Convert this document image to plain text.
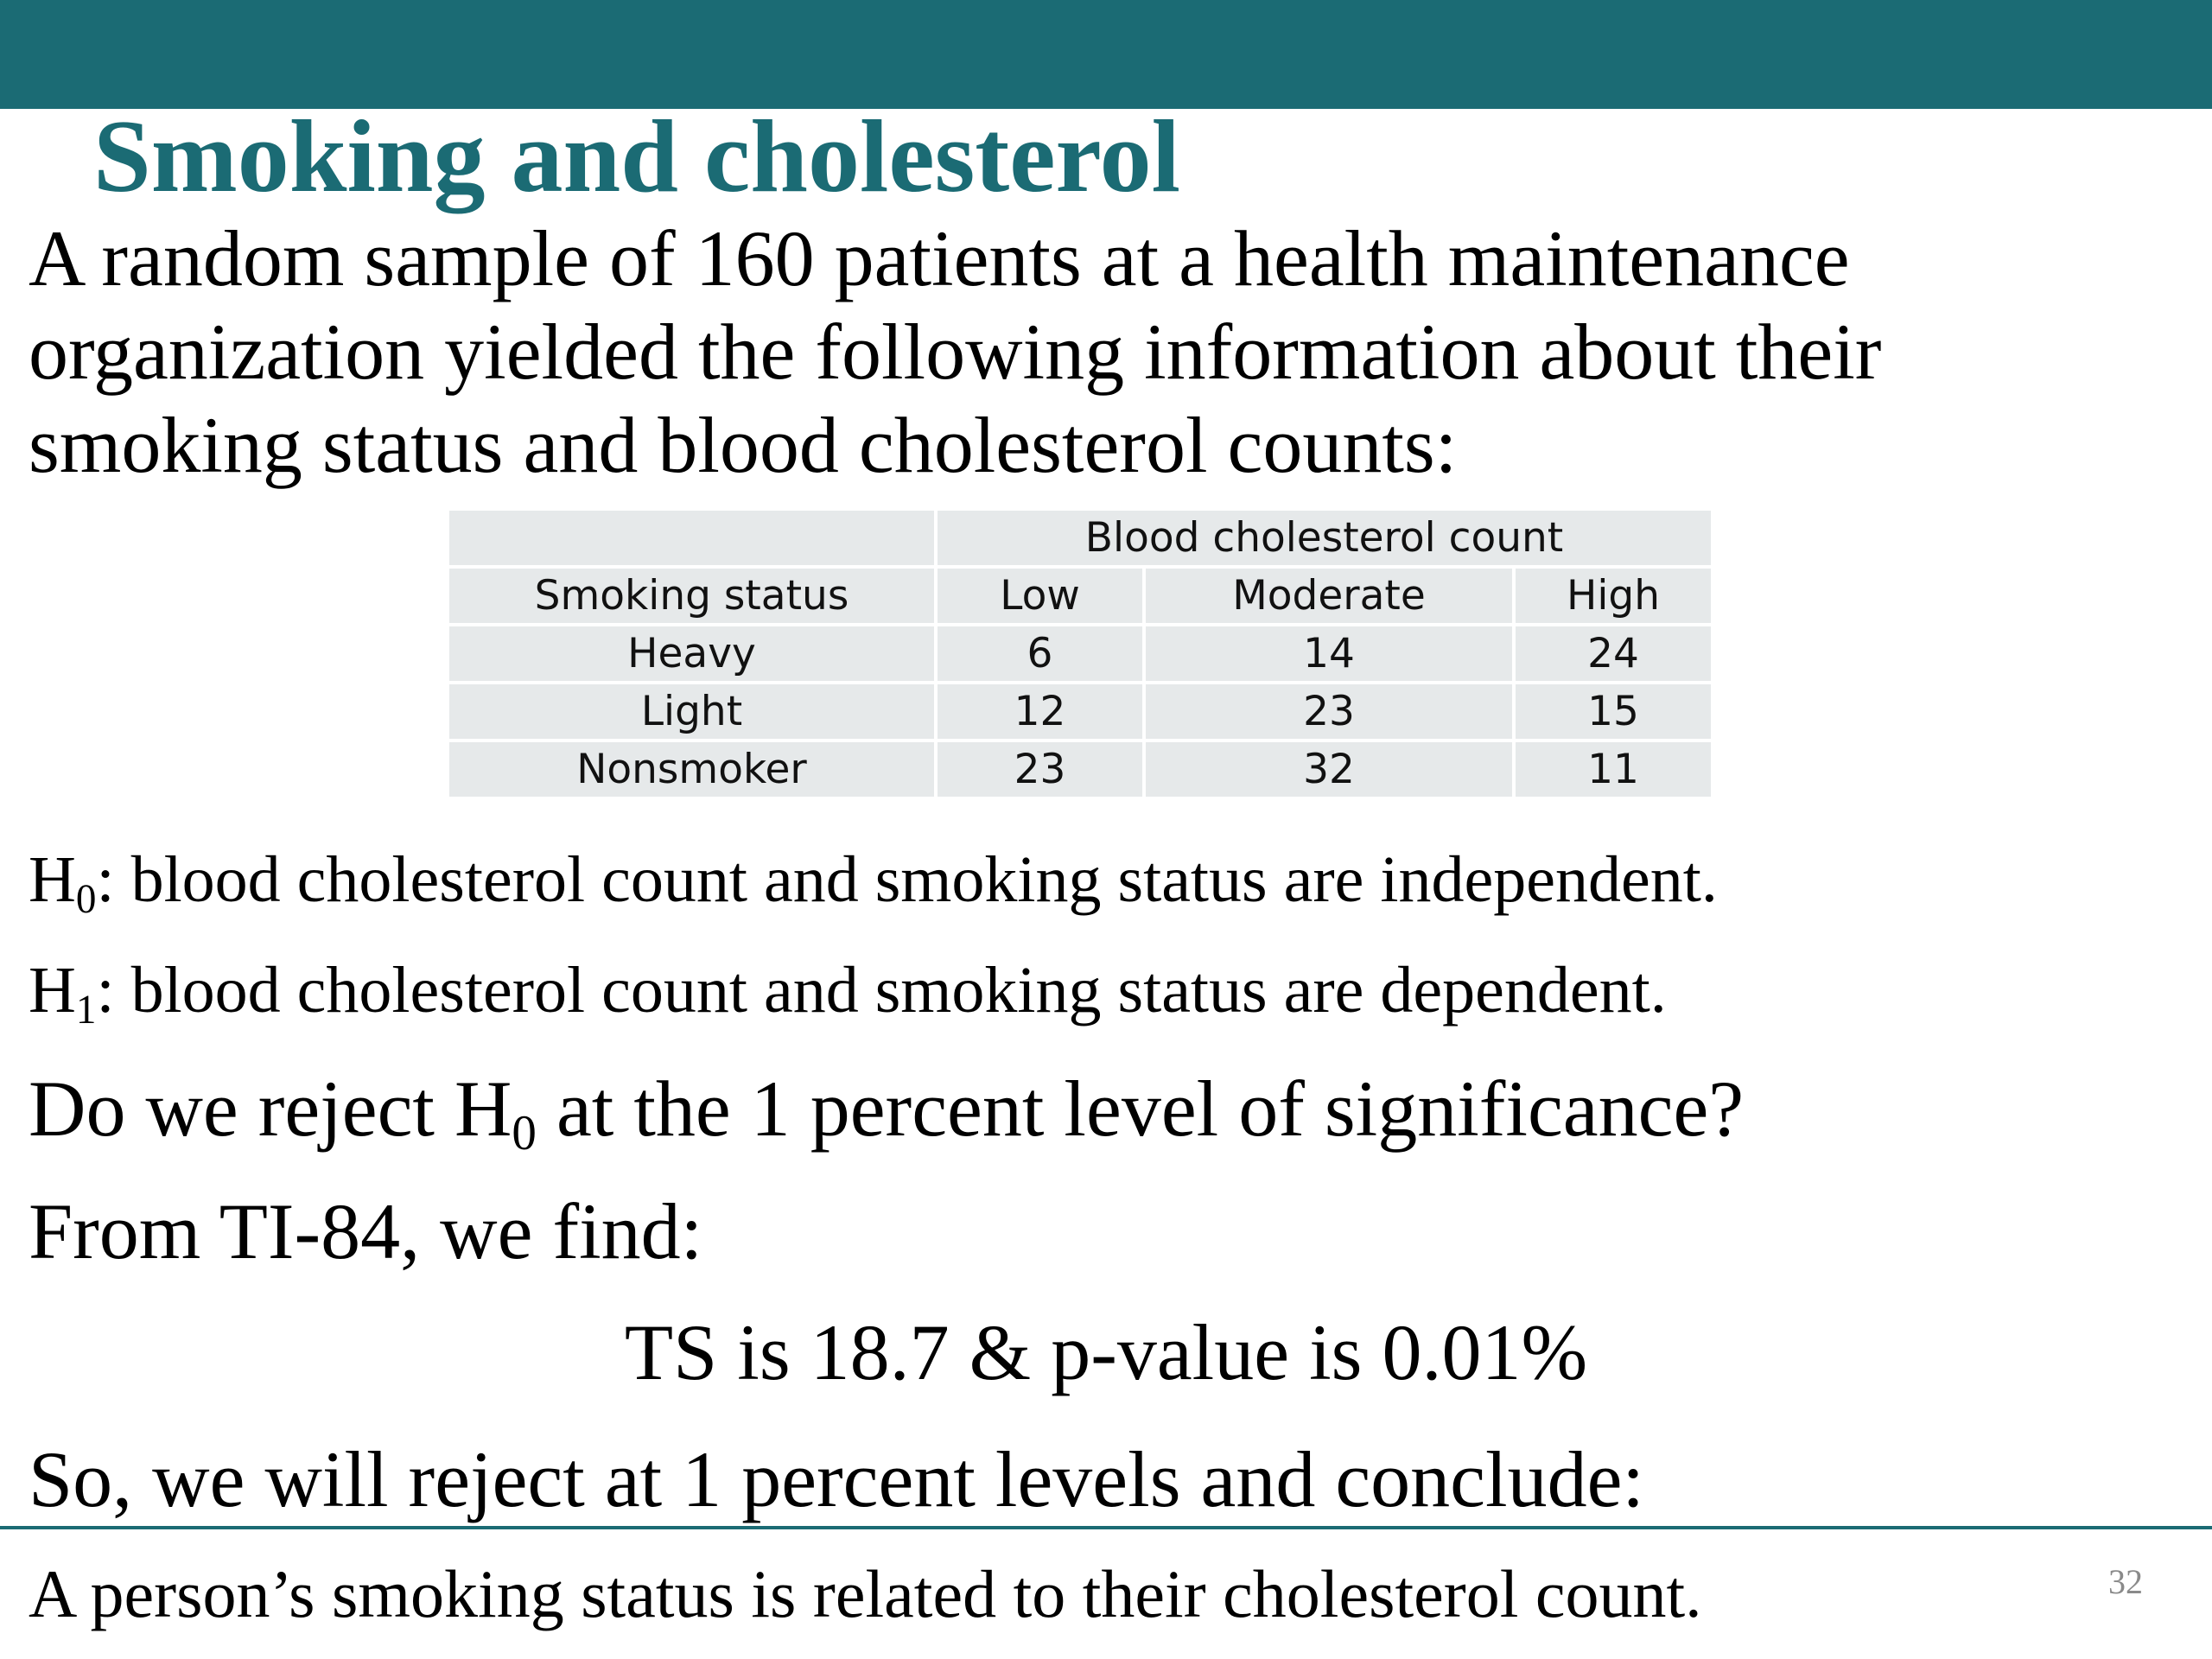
Smoking and cholesterol
A random sample of 160 patients at a health maintenance
organization yielded the following information about their
smoking status and blood cholesterol counts:
	Blood cholesterol count		
Smoking status	Low	Moderate	High
Heavy	6	14	24
Light	12	23	15
Nonsmoker	23	32	11

$H_0$: blood cholesterol count and smoking status are independent.

$H_1$: blood cholesterol count and smoking status are dependent.

Do we reject $H_0$ at the 1 percent level of significance?

From TI-84, we find:

TS is 18.7 & p-value is 0.01%

So, we will reject at 1 percent levels and conclude:

A person’s smoking status is related to their cholesterol count.	32
